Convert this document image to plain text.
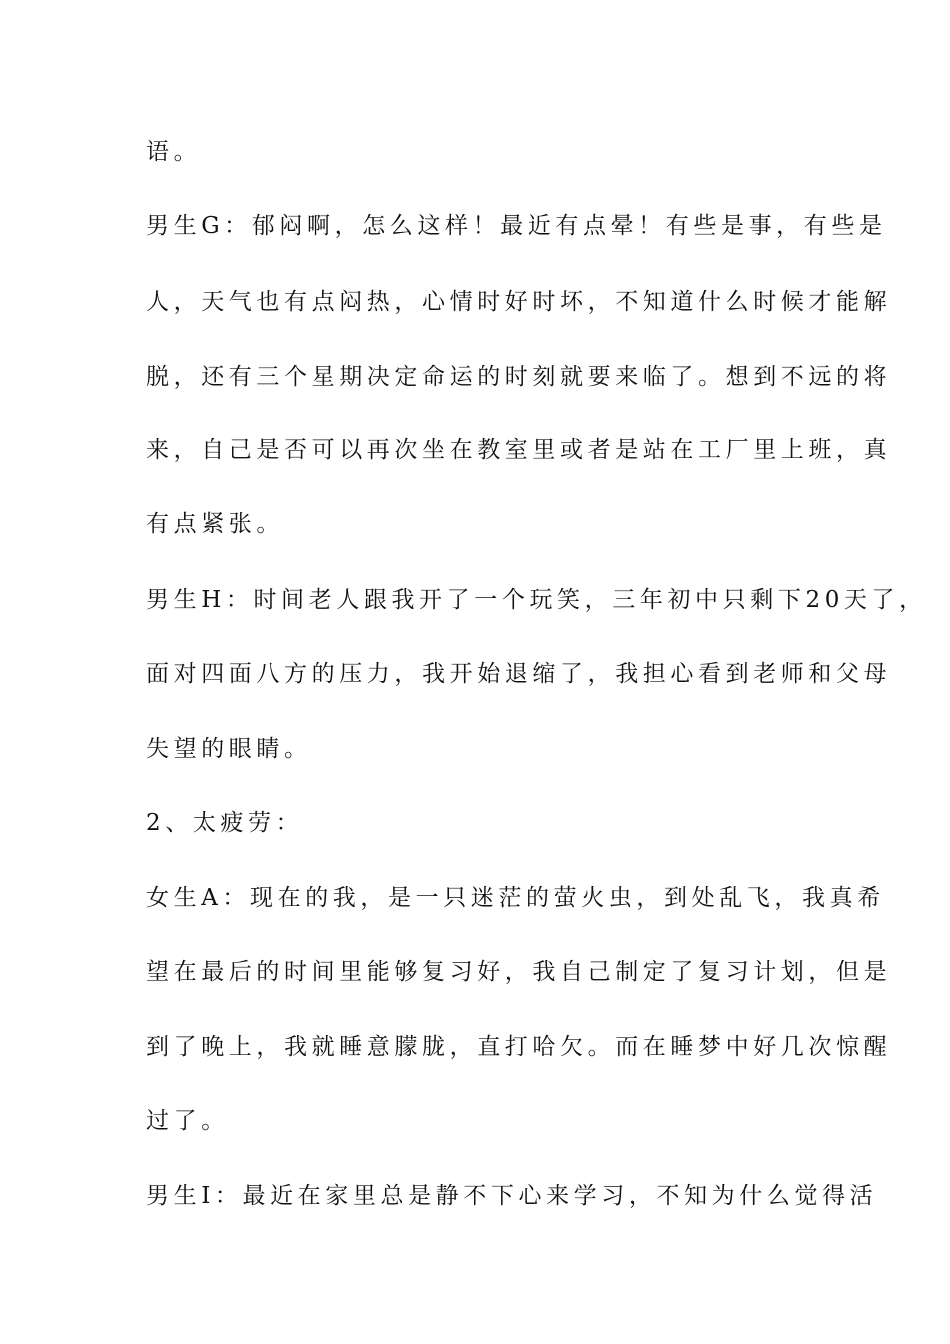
语。
男生G：郁闷啊，怎么这样！最近有点晕！有些是事，有些是
人，天气也有点闷热，心情时好时坏，不知道什么时候才能解
脱，还有三个星期决定命运的时刻就要来临了。想到不远的将
来，自己是否可以再次坐在教室里或者是站在工厂里上班，真
有点紧张。
男生H：时间老人跟我开了一个玩笑，三年初中只剩下20天了，
面对四面八方的压力，我开始退缩了，我担心看到老师和父母
失望的眼睛。
2、太疲劳：
女生A：现在的我，是一只迷茫的萤火虫，到处乱飞，我真希
望在最后的时间里能够复习好，我自己制定了复习计划，但是
到了晚上，我就睡意朦胧，直打哈欠。而在睡梦中好几次惊醒
过了。
男生I：最近在家里总是静不下心来学习，不知为什么觉得活
